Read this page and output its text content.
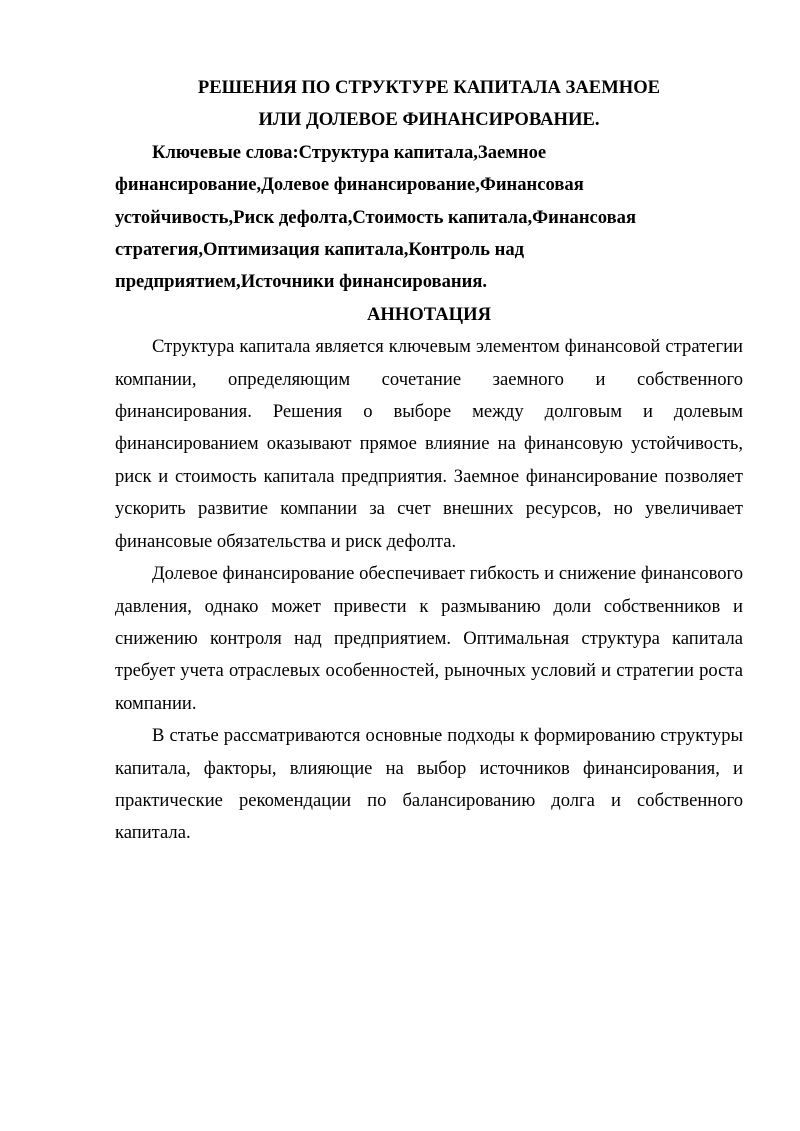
РЕШЕНИЯ ПО СТРУКТУРЕ КАПИТАЛА ЗАЕМНОЕ
ИЛИ ДОЛЕВОЕ ФИНАНСИРОВАНИЕ.

Ключевые слова:Структура капитала,Заемное финансирование,Долевое финансирование,Финансовая устойчивость,Риск дефолта,Стоимость капитала,Финансовая стратегия,Оптимизация капитала,Контроль над предприятием,Источники финансирования.

АННОТАЦИЯ

Структура капитала является ключевым элементом финансовой стратегии компании, определяющим сочетание заемного и собственного финансирования. Решения о выборе между долговым и долевым финансированием оказывают прямое влияние на финансовую устойчивость, риск и стоимость капитала предприятия. Заемное финансирование позволяет ускорить развитие компании за счет внешних ресурсов, но увеличивает финансовые обязательства и риск дефолта.

Долевое финансирование обеспечивает гибкость и снижение финансового давления, однако может привести к размыванию доли собственников и снижению контроля над предприятием. Оптимальная структура капитала требует учета отраслевых особенностей, рыночных условий и стратегии роста компании.

В статье рассматриваются основные подходы к формированию структуры капитала, факторы, влияющие на выбор источников финансирования, и практические рекомендации по балансированию долга и собственного капитала.
